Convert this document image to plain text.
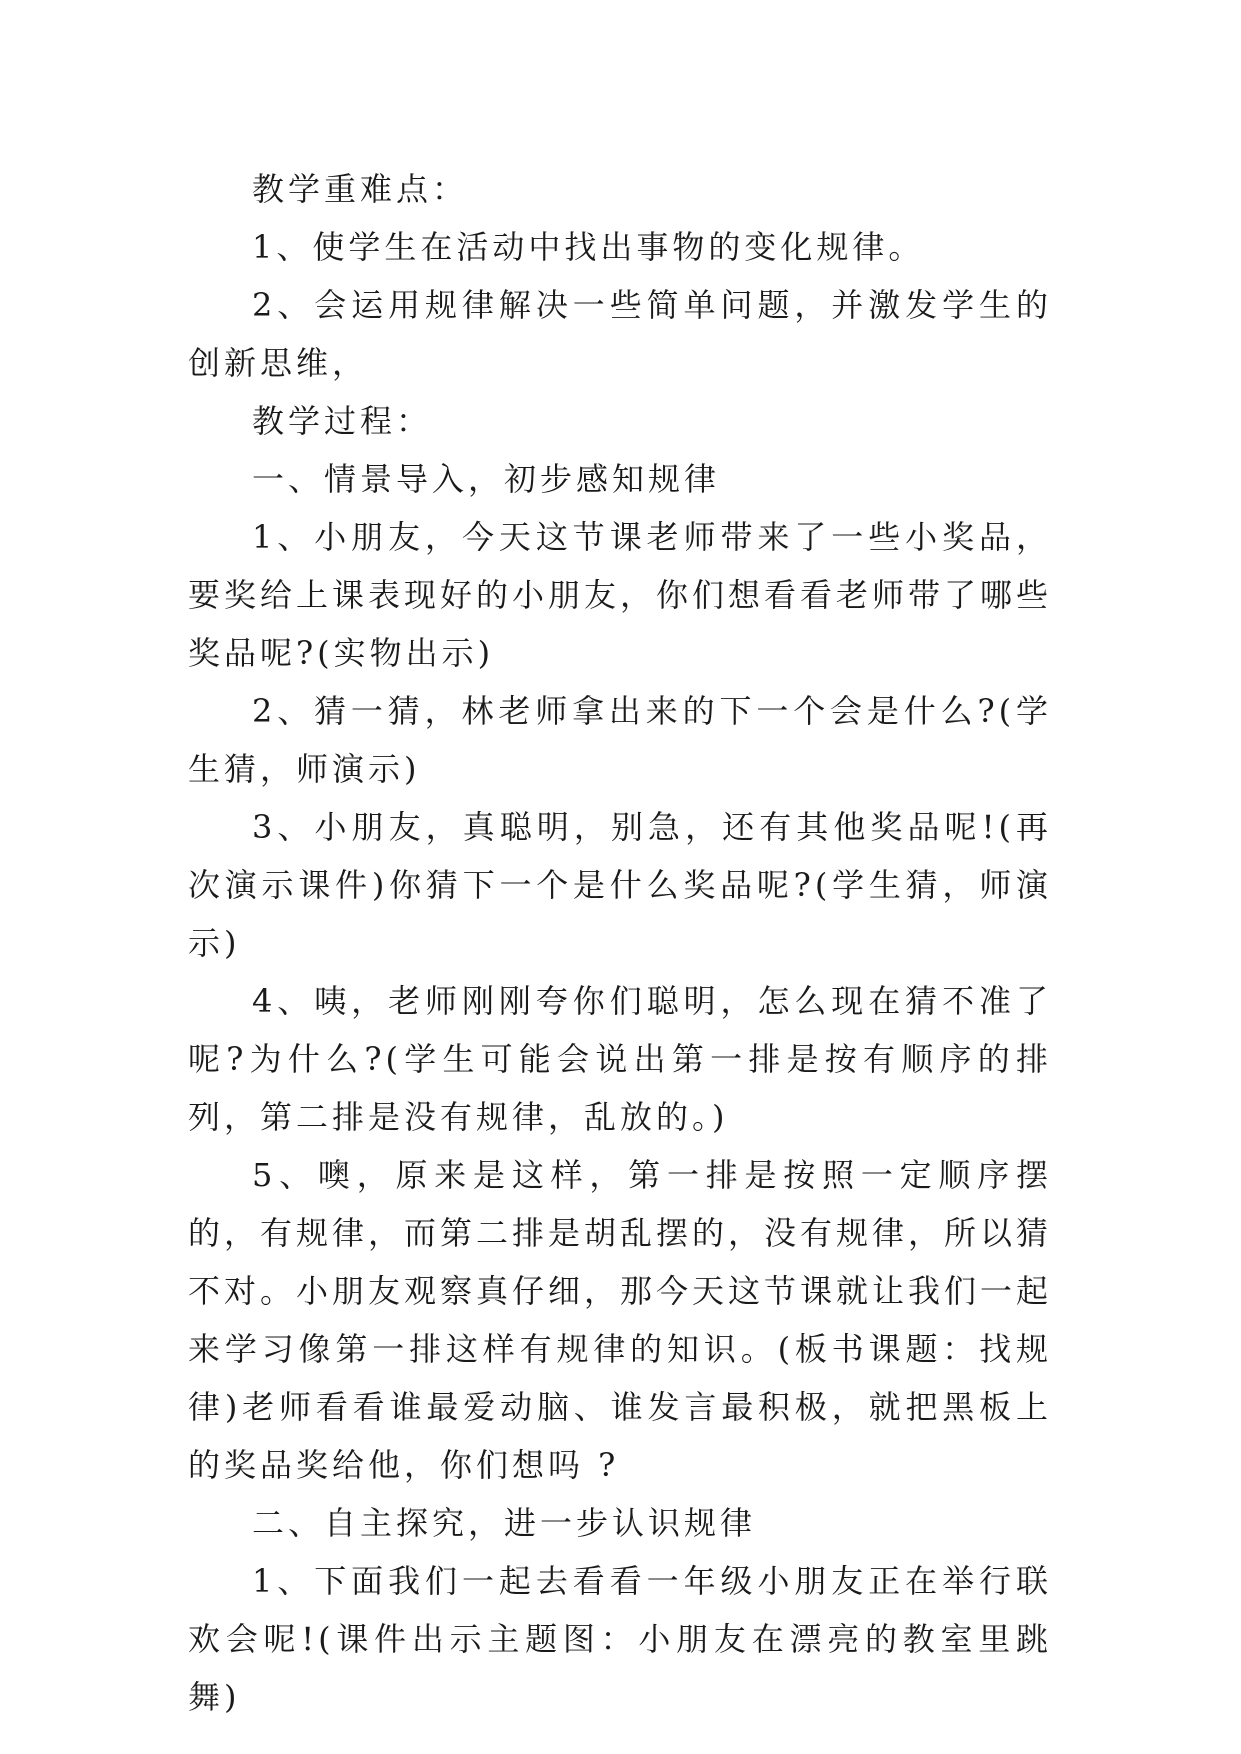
教学重难点：

1、使学生在活动中找出事物的变化规律。

2、会运用规律解决一些简单问题，并激发学生的创新思维，

教学过程：

一、情景导入，初步感知规律

1、小朋友，今天这节课老师带来了一些小奖品，要奖给上课表现好的小朋友，你们想看看老师带了哪些奖品呢?(实物出示)

2、猜一猜，林老师拿出来的下一个会是什么?(学生猜，师演示)

3、小朋友，真聪明，别急，还有其他奖品呢!(再次演示课件)你猜下一个是什么奖品呢?(学生猜，师演示)

4、咦，老师刚刚夸你们聪明，怎么现在猜不准了呢?为什么?(学生可能会说出第一排是按有顺序的排列，第二排是没有规律，乱放的。)

5、噢，原来是这样，第一排是按照一定顺序摆的，有规律，而第二排是胡乱摆的，没有规律，所以猜不对。小朋友观察真仔细，那今天这节课就让我们一起来学习像第一排这样有规律的知识。(板书课题：找规律)老师看看谁最爱动脑、谁发言最积极，就把黑板上的奖品奖给他，你们想吗 ?

二、自主探究，进一步认识规律

1、下面我们一起去看看一年级小朋友正在举行联欢会呢!(课件出示主题图：小朋友在漂亮的教室里跳舞)
